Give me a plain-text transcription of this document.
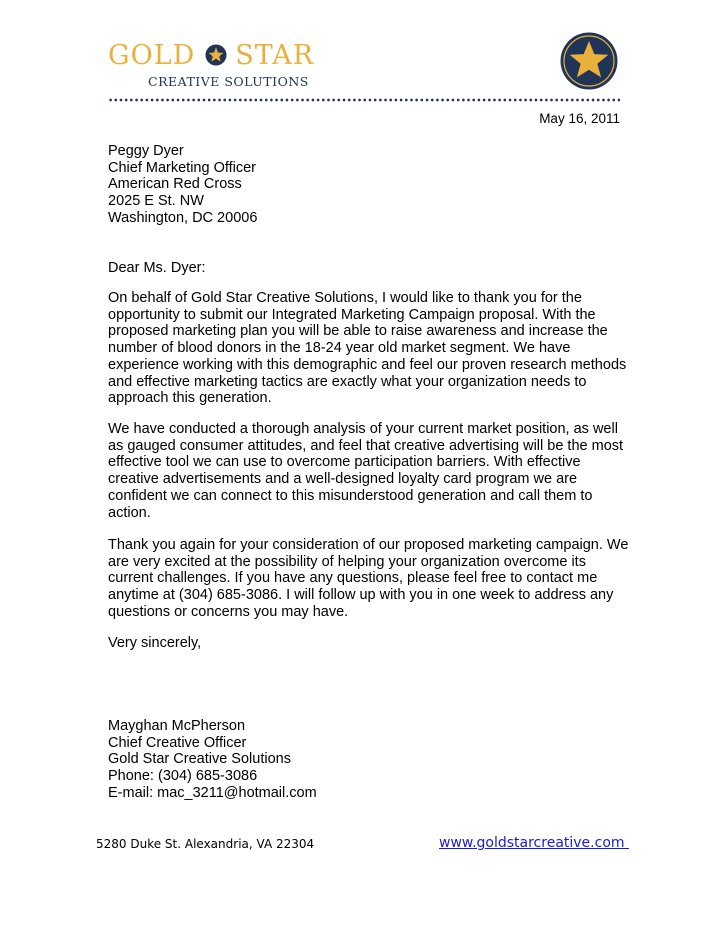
GOLD STAR
CREATIVE SOLUTIONS
May 16, 2011
Peggy Dyer
Chief Marketing Officer
American Red Cross
2025 E St. NW
Washington, DC 20006
Dear Ms. Dyer:
On behalf of Gold Star Creative Solutions, I would like to thank you for the
opportunity to submit our Integrated Marketing Campaign proposal. With the
proposed marketing plan you will be able to raise awareness and increase the
number of blood donors in the 18-24 year old market segment. We have
experience working with this demographic and feel our proven research methods
and effective marketing tactics are exactly what your organization needs to
approach this generation.
We have conducted a thorough analysis of your current market position, as well
as gauged consumer attitudes, and feel that creative advertising will be the most
effective tool we can use to overcome participation barriers. With effective
creative advertisements and a well-designed loyalty card program we are
confident we can connect to this misunderstood generation and call them to
action.
Thank you again for your consideration of our proposed marketing campaign. We
are very excited at the possibility of helping your organization overcome its
current challenges. If you have any questions, please feel free to contact me
anytime at (304) 685-3086. I will follow up with you in one week to address any
questions or concerns you may have.
Very sincerely,
Mayghan McPherson
Chief Creative Officer
Gold Star Creative Solutions
Phone: (304) 685-3086
E-mail: mac_3211@hotmail.com
5280 Duke St. Alexandria, VA 22304	www.goldstarcreative.com
